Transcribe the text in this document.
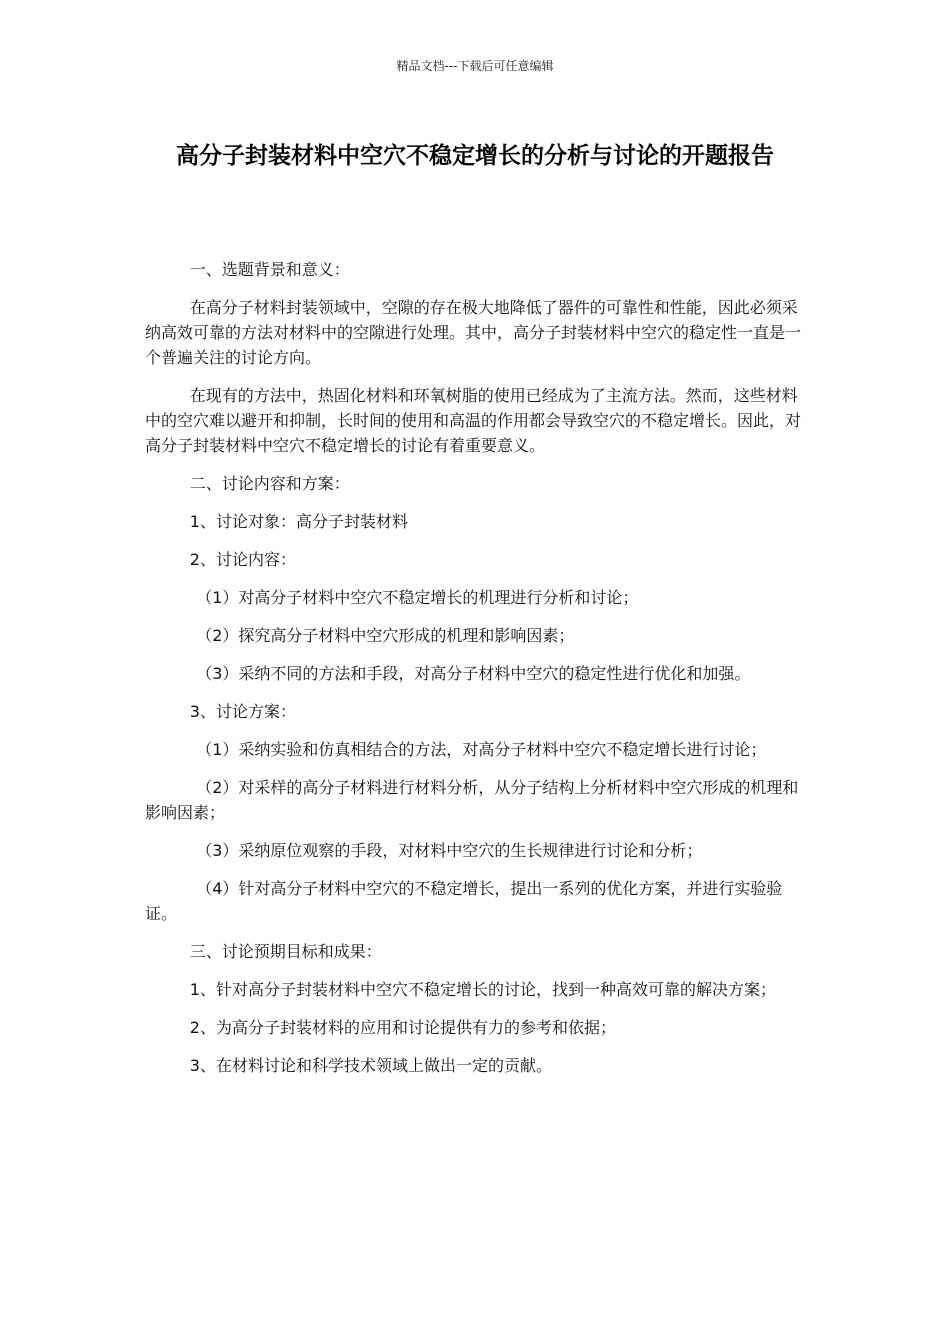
精品文档---下载后可任意编辑
高分子封装材料中空穴不稳定增长的分析与讨论的开题报告

一、选题背景和意义：

在高分子材料封装领域中，空隙的存在极大地降低了器件的可靠性和性能，因此必须采纳高效可靠的方法对材料中的空隙进行处理。其中，高分子封装材料中空穴的稳定性一直是一个普遍关注的讨论方向。

在现有的方法中，热固化材料和环氧树脂的使用已经成为了主流方法。然而，这些材料中的空穴难以避开和抑制，长时间的使用和高温的作用都会导致空穴的不稳定增长。因此，对高分子封装材料中空穴不稳定增长的讨论有着重要意义。

二、讨论内容和方案：

1、讨论对象：高分子封装材料

2、讨论内容：

（1）对高分子材料中空穴不稳定增长的机理进行分析和讨论；

（2）探究高分子材料中空穴形成的机理和影响因素；

（3）采纳不同的方法和手段，对高分子材料中空穴的稳定性进行优化和加强。

3、讨论方案：

（1）采纳实验和仿真相结合的方法，对高分子材料中空穴不稳定增长进行讨论；

（2）对采样的高分子材料进行材料分析，从分子结构上分析材料中空穴形成的机理和影响因素；

（3）采纳原位观察的手段，对材料中空穴的生长规律进行讨论和分析；

（4）针对高分子材料中空穴的不稳定增长，提出一系列的优化方案，并进行实验验证。

三、讨论预期目标和成果：

1、针对高分子封装材料中空穴不稳定增长的讨论，找到一种高效可靠的解决方案；

2、为高分子封装材料的应用和讨论提供有力的参考和依据；

3、在材料讨论和科学技术领域上做出一定的贡献。
